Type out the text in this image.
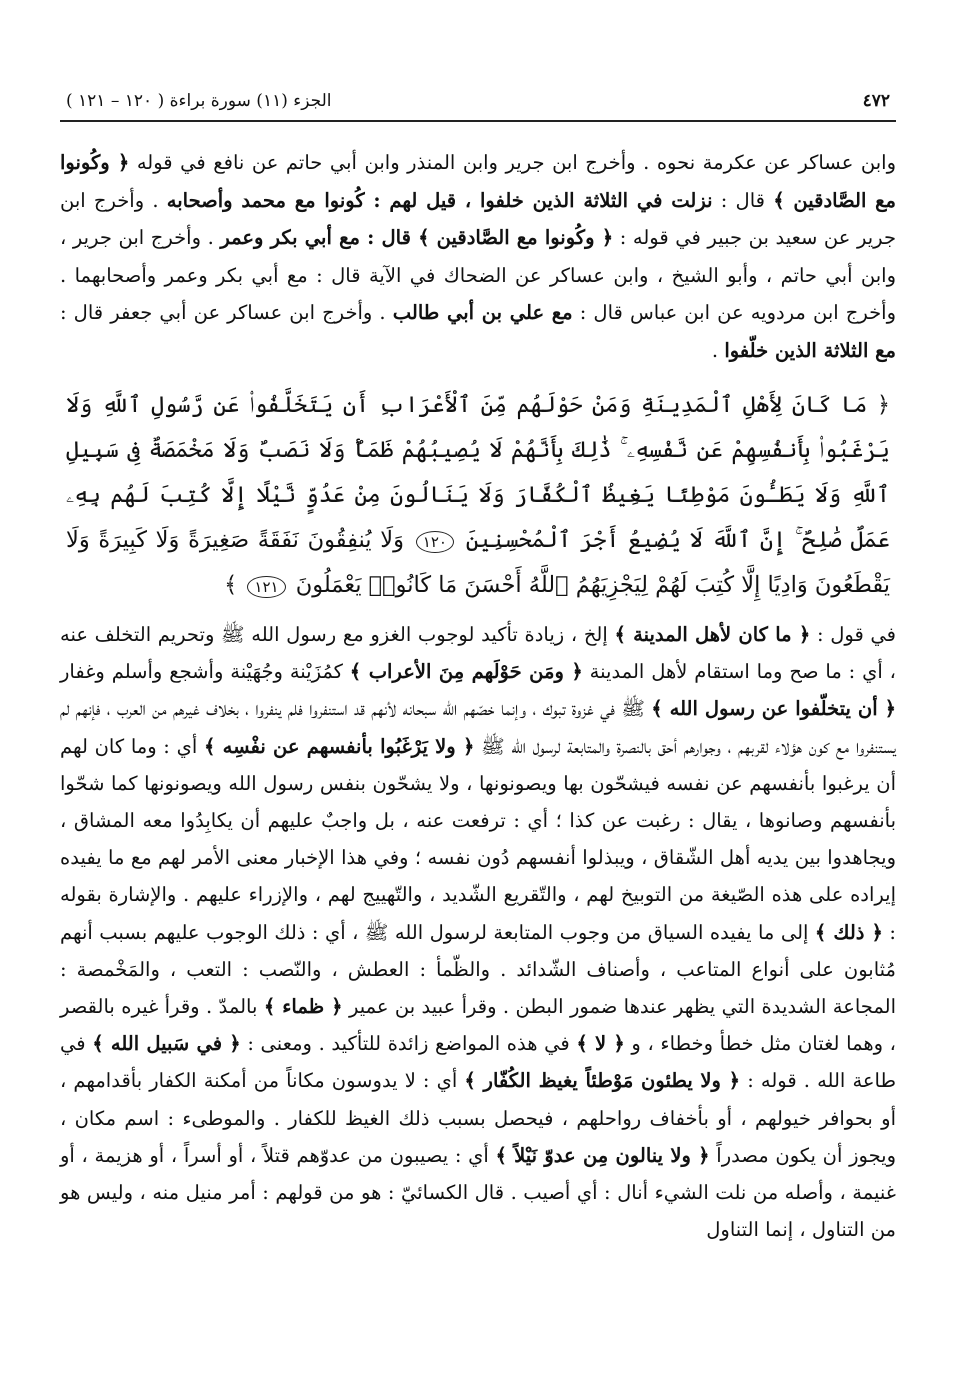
٤٧٢
الجزء (١١) سورة براءة ( ١٢٠ – ١٢١ )
وابن عساكر عن عكرمة نحوه . وأخرج ابن جرير وابن المنذر وابن أبي حاتم عن نافع في قوله ﴿ وكُونوا مع الصَّادقين ﴾ قال : نزلت في الثلاثة الذين خلفوا ، قيل لهم : كُونوا مع محمد وأصحابه . وأخرج ابن جرير عن سعيد بن جبير في قوله : ﴿ وكُونوا مع الصَّادقين ﴾ قال : مع أبي بكر وعمر . وأخرج ابن جرير ، وابن أبي حاتم ، وأبو الشيخ ، وابن عساكر عن الضحاك في الآية قال : مع أبي بكر وعمر وأصحابهما . وأخرج ابن مردويه عن ابن عباس قال : مع علي بن أبي طالب . وأخرج ابن عساكر عن أبي جعفر قال : مع الثلاثة الذين خلّفوا .
﴿ مَا كَانَ لِأَهْلِ ٱلْمَدِينَةِ وَمَنْ حَوْلَهُم مِّنَ ٱلْأَعْرَابِ أَن يَتَخَلَّفُوا۟ عَن رَّسُولِ ٱللَّهِ وَلَا يَرْغَبُوا۟ بِأَنفُسِهِمْ عَن نَّفْسِهِۦ ۚ ذَٰلِكَ بِأَنَّهُمْ لَا يُصِيبُهُمْ ظَمَأٌ وَلَا نَصَبٌ وَلَا مَخْمَصَةٌ فِى سَبِيلِ ٱللَّهِ وَلَا يَطَـُٔونَ مَوْطِئًا يَغِيظُ ٱلْكُفَّارَ وَلَا يَنَالُونَ مِنْ عَدُوٍّ نَّيْلًا إِلَّا كُتِبَ لَهُم بِهِۦ عَمَلٌ صَٰلِحٌ ۚ إِنَّ ٱللَّهَ لَا يُضِيعُ أَجْرَ ٱلْمُحْسِنِينَ ١٢٠ وَلَا يُنفِقُونَ نَفَقَةً صَغِيرَةً وَلَا كَبِيرَةً وَلَا يَقْطَعُونَ وَادِيًا إِلَّا كُتِبَ لَهُمْ لِيَجْزِيَهُمُ ٱللَّهُ أَحْسَنَ مَا كَانُوا۟ يَعْمَلُونَ ١٢١ ﴾
في قول : ﴿ ما كان لأهل المدينة ﴾ إلخ ، زيادة تأكيد لوجوب الغزو مع رسول الله ﷺ وتحريم التخلف عنه ، أي : ما صح وما استقام لأهل المدينة ﴿ ومَن حَوْلَهم مِنَ الأعراب ﴾ كمُزَيْنة وجُهَيْنة وأشجع وأسلم وغفار ﴿ أن يتخلّفوا عن رسول الله ﴾ ﷺ في غزوة تبوك ، وإنما خصّهم الله سبحانه لأنهم قد استنفروا فلم ينفروا ، بخلاف غيرهم من العرب ، فإنهم لم يستنفروا مع كون هؤلاء لقربهم ، وجوارهم أحق بالنصرة والمتابعة لرسول الله ﷺ ﴿ ولا يَرْغَبُوا بأنفسهم عن نفْسِه ﴾ أي : وما كان لهم أن يرغبوا بأنفسهم عن نفسه فيشحّون بها ويصونونها ، ولا يشحّون بنفس رسول الله ويصونونها كما شحّوا بأنفسهم وصانوها ، يقال : رغبت عن كذا ؛ أي : ترفعت عنه ، بل واجبٌ عليهم أن يكابِدُوا معه المشاق ، ويجاهدوا بين يديه أهل الشّقاق ، ويبذلوا أنفسهم دُون نفسه ؛ وفي هذا الإخبار معنى الأمر لهم مع ما يفيده إيراده على هذه الصّيغة من التوبيخ لهم ، والتّقريع الشّديد ، والتّهييج لهم ، والإزراء عليهم . والإشارة بقوله : ﴿ ذلك ﴾ إلى ما يفيده السياق من وجوب المتابعة لرسول الله ﷺ ، أي : ذلك الوجوب عليهم بسبب أنهم مُثابون على أنواع المتاعب ، وأصناف الشّدائد . والظّمأ : العطش ، والنّصب : التعب ، والمَخْمصة : المجاعة الشديدة التي يظهر عندها ضمور البطن . وقرأ عبيد بن عمير ﴿ ظماء ﴾ بالمدّ . وقرأ غيره بالقصر ، وهما لغتان مثل خطأ وخطاء ، و ﴿ لا ﴾ في هذه المواضع زائدة للتأكيد . ومعنى : ﴿ في سَبيل الله ﴾ في طاعة الله . قوله : ﴿ ولا يطئون مَوْطئاً يغيظ الكُفّار ﴾ أي : لا يدوسون مكاناً من أمكنة الكفار بأقدامهم ، أو بحوافر خيولهم ، أو بأخفاف رواحلهم ، فيحصل بسبب ذلك الغيظ للكفار . والموطىء : اسم مكان ، ويجوز أن يكون مصدراً ﴿ ولا ينالون مِن عدوّ نَيْلاً ﴾ أي : يصيبون من عدوّهم قتلاً ، أو أسراً ، أو هزيمة ، أو غنيمة ، وأصله من نلت الشيء أنال : أي أصيب . قال الكسائيّ : هو من قولهم : أمر منيل منه ، وليس هو من التناول ، إنما التناول
